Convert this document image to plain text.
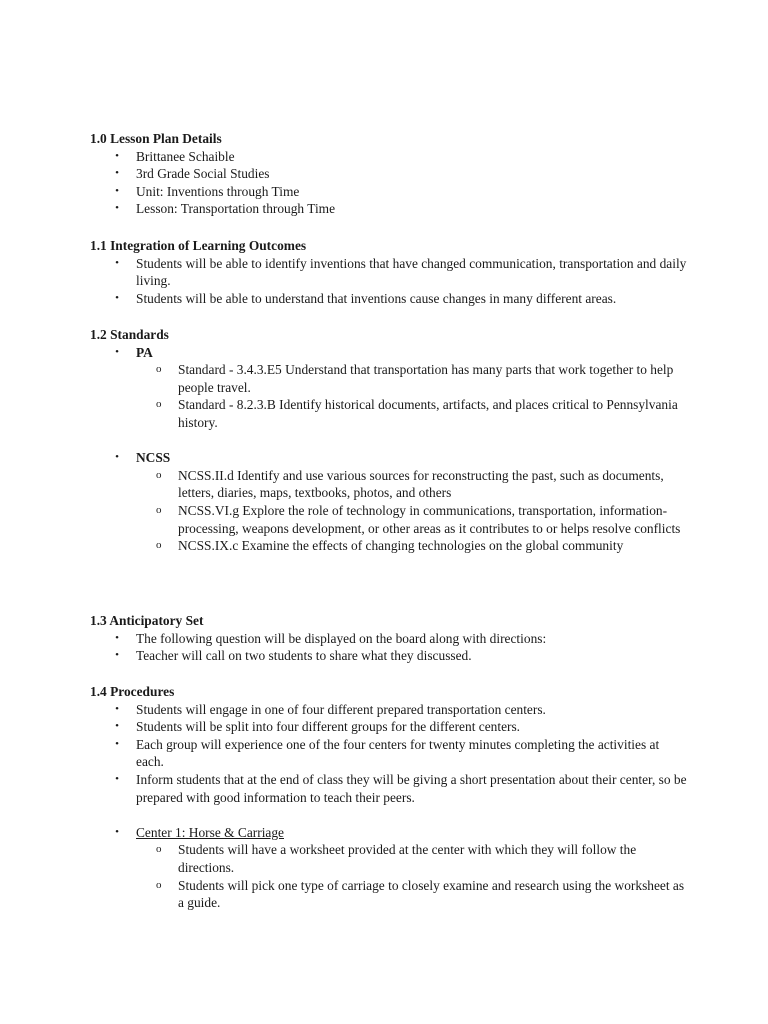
1.0 Lesson Plan Details

• Brittanee Schaible
• 3rd Grade Social Studies
• Unit: Inventions through Time
• Lesson: Transportation through Time

1.1 Integration of Learning Outcomes

• Students will be able to identify inventions that have changed communication, transportation and daily living.
• Students will be able to understand that inventions cause changes in many different areas.

1.2 Standards

• PA
o Standard - 3.4.3.E5 Understand that transportation has many parts that work together to help people travel.
o Standard - 8.2.3.B Identify historical documents, artifacts, and places critical to Pennsylvania history.
• NCSS
o NCSS.II.d Identify and use various sources for reconstructing the past, such as documents, letters, diaries, maps, textbooks, photos, and others
o NCSS.VI.g Explore the role of technology in communications, transportation, information-processing, weapons development, or other areas as it contributes to or helps resolve conflicts
o NCSS.IX.c Examine the effects of changing technologies on the global community

1.3 Anticipatory Set

• The following question will be displayed on the board along with directions:
• Teacher will call on two students to share what they discussed.

1.4 Procedures

• Students will engage in one of four different prepared transportation centers.
• Students will be split into four different groups for the different centers.
• Each group will experience one of the four centers for twenty minutes completing the activities at each.
• Inform students that at the end of class they will be giving a short presentation about their center, so be prepared with good information to teach their peers.
• Center 1: Horse & Carriage
o Students will have a worksheet provided at the center with which they will follow the directions.
o Students will pick one type of carriage to closely examine and research using the worksheet as a guide.
